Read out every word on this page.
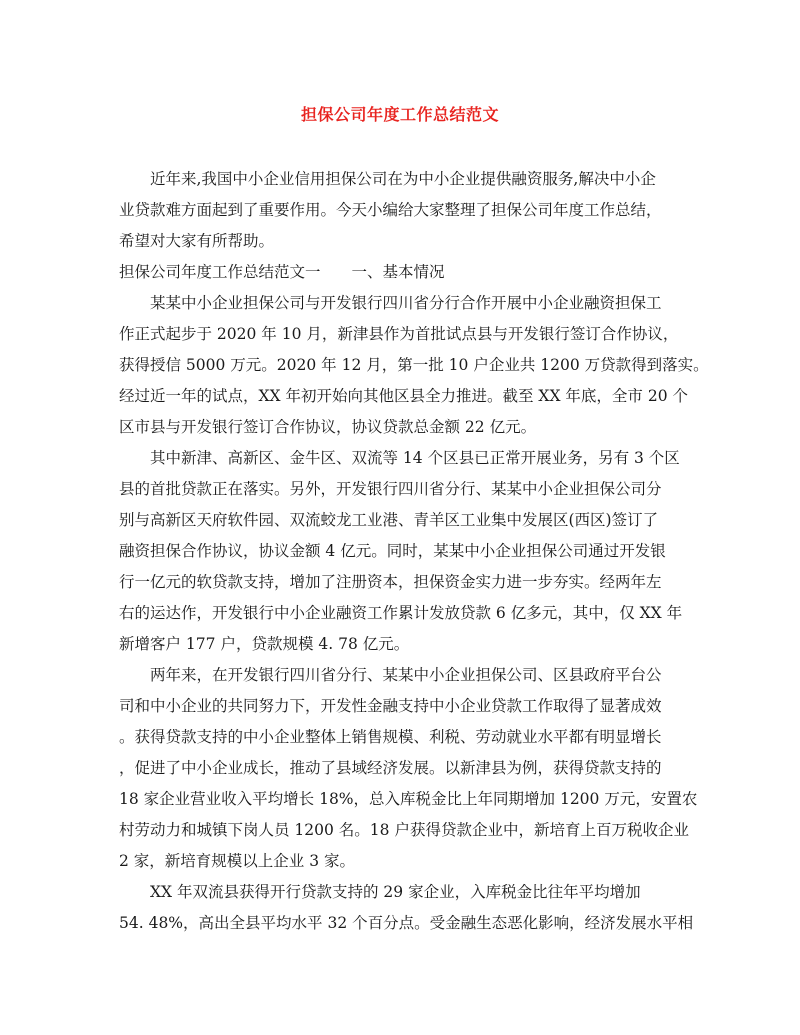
担保公司年度工作总结范文
近年来,我国中小企业信用担保公司在为中小企业提供融资服务,解决中小企
业贷款难方面起到了重要作用。今天小编给大家整理了担保公司年度工作总结，
希望对大家有所帮助。
担保公司年度工作总结范文一　　一、基本情况
某某中小企业担保公司与开发银行四川省分行合作开展中小企业融资担保工
作正式起步于 2020 年 10 月，新津县作为首批试点县与开发银行签订合作协议，
获得授信 5000 万元。2020 年 12 月，第一批 10 户企业共 1200 万贷款得到落实。
经过近一年的试点，XX 年初开始向其他区县全力推进。截至 XX 年底，全市 20 个
区市县与开发银行签订合作协议，协议贷款总金额 22 亿元。
其中新津、高新区、金牛区、双流等 14 个区县已正常开展业务，另有 3 个区
县的首批贷款正在落实。另外，开发银行四川省分行、某某中小企业担保公司分
别与高新区天府软件园、双流蛟龙工业港、青羊区工业集中发展区(西区)签订了
融资担保合作协议，协议金额 4 亿元。同时，某某中小企业担保公司通过开发银
行一亿元的软贷款支持，增加了注册资本，担保资金实力进一步夯实。经两年左
右的运达作，开发银行中小企业融资工作累计发放贷款 6 亿多元，其中，仅 XX 年
新增客户 177 户，贷款规模 4. 78 亿元。
两年来，在开发银行四川省分行、某某中小企业担保公司、区县政府平台公
司和中小企业的共同努力下，开发性金融支持中小企业贷款工作取得了显著成效
。获得贷款支持的中小企业整体上销售规模、利税、劳动就业水平都有明显增长
，促进了中小企业成长，推动了县域经济发展。以新津县为例，获得贷款支持的
18 家企业营业收入平均增长 18%，总入库税金比上年同期增加 1200 万元，安置农
村劳动力和城镇下岗人员 1200 名。18 户获得贷款企业中，新培育上百万税收企业
2 家，新培育规模以上企业 3 家。
XX 年双流县获得开行贷款支持的 29 家企业，入库税金比往年平均增加
54. 48%，高出全县平均水平 32 个百分点。受金融生态恶化影响，经济发展水平相
